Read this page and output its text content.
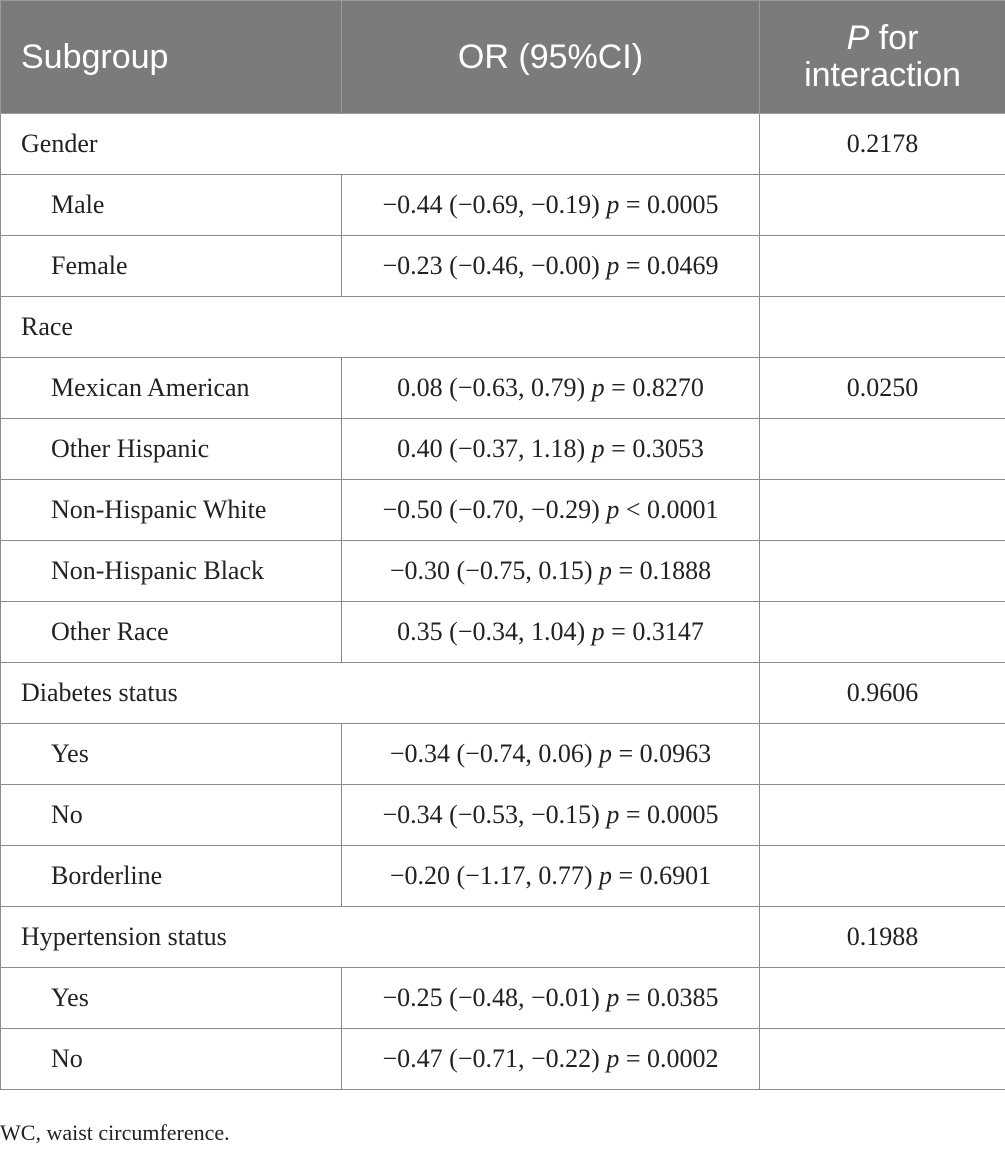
Subgroup	OR (95%CI)	P for
interaction
Gender		0.2178
Male	−0.44 (−0.69, −0.19) p = 0.0005	
Female	−0.23 (−0.46, −0.00) p = 0.0469	
Race		
Mexican American	0.08 (−0.63, 0.79) p = 0.8270	0.0250
Other Hispanic	0.40 (−0.37, 1.18) p = 0.3053	
Non-Hispanic White	−0.50 (−0.70, −0.29) p < 0.0001	
Non-Hispanic Black	−0.30 (−0.75, 0.15) p = 0.1888	
Other Race	0.35 (−0.34, 1.04) p = 0.3147	
Diabetes status		0.9606
Yes	−0.34 (−0.74, 0.06) p = 0.0963	
No	−0.34 (−0.53, −0.15) p = 0.0005	
Borderline	−0.20 (−1.17, 0.77) p = 0.6901	
Hypertension status		0.1988
Yes	−0.25 (−0.48, −0.01) p = 0.0385	
No	−0.47 (−0.71, −0.22) p = 0.0002	
WC, waist circumference.
